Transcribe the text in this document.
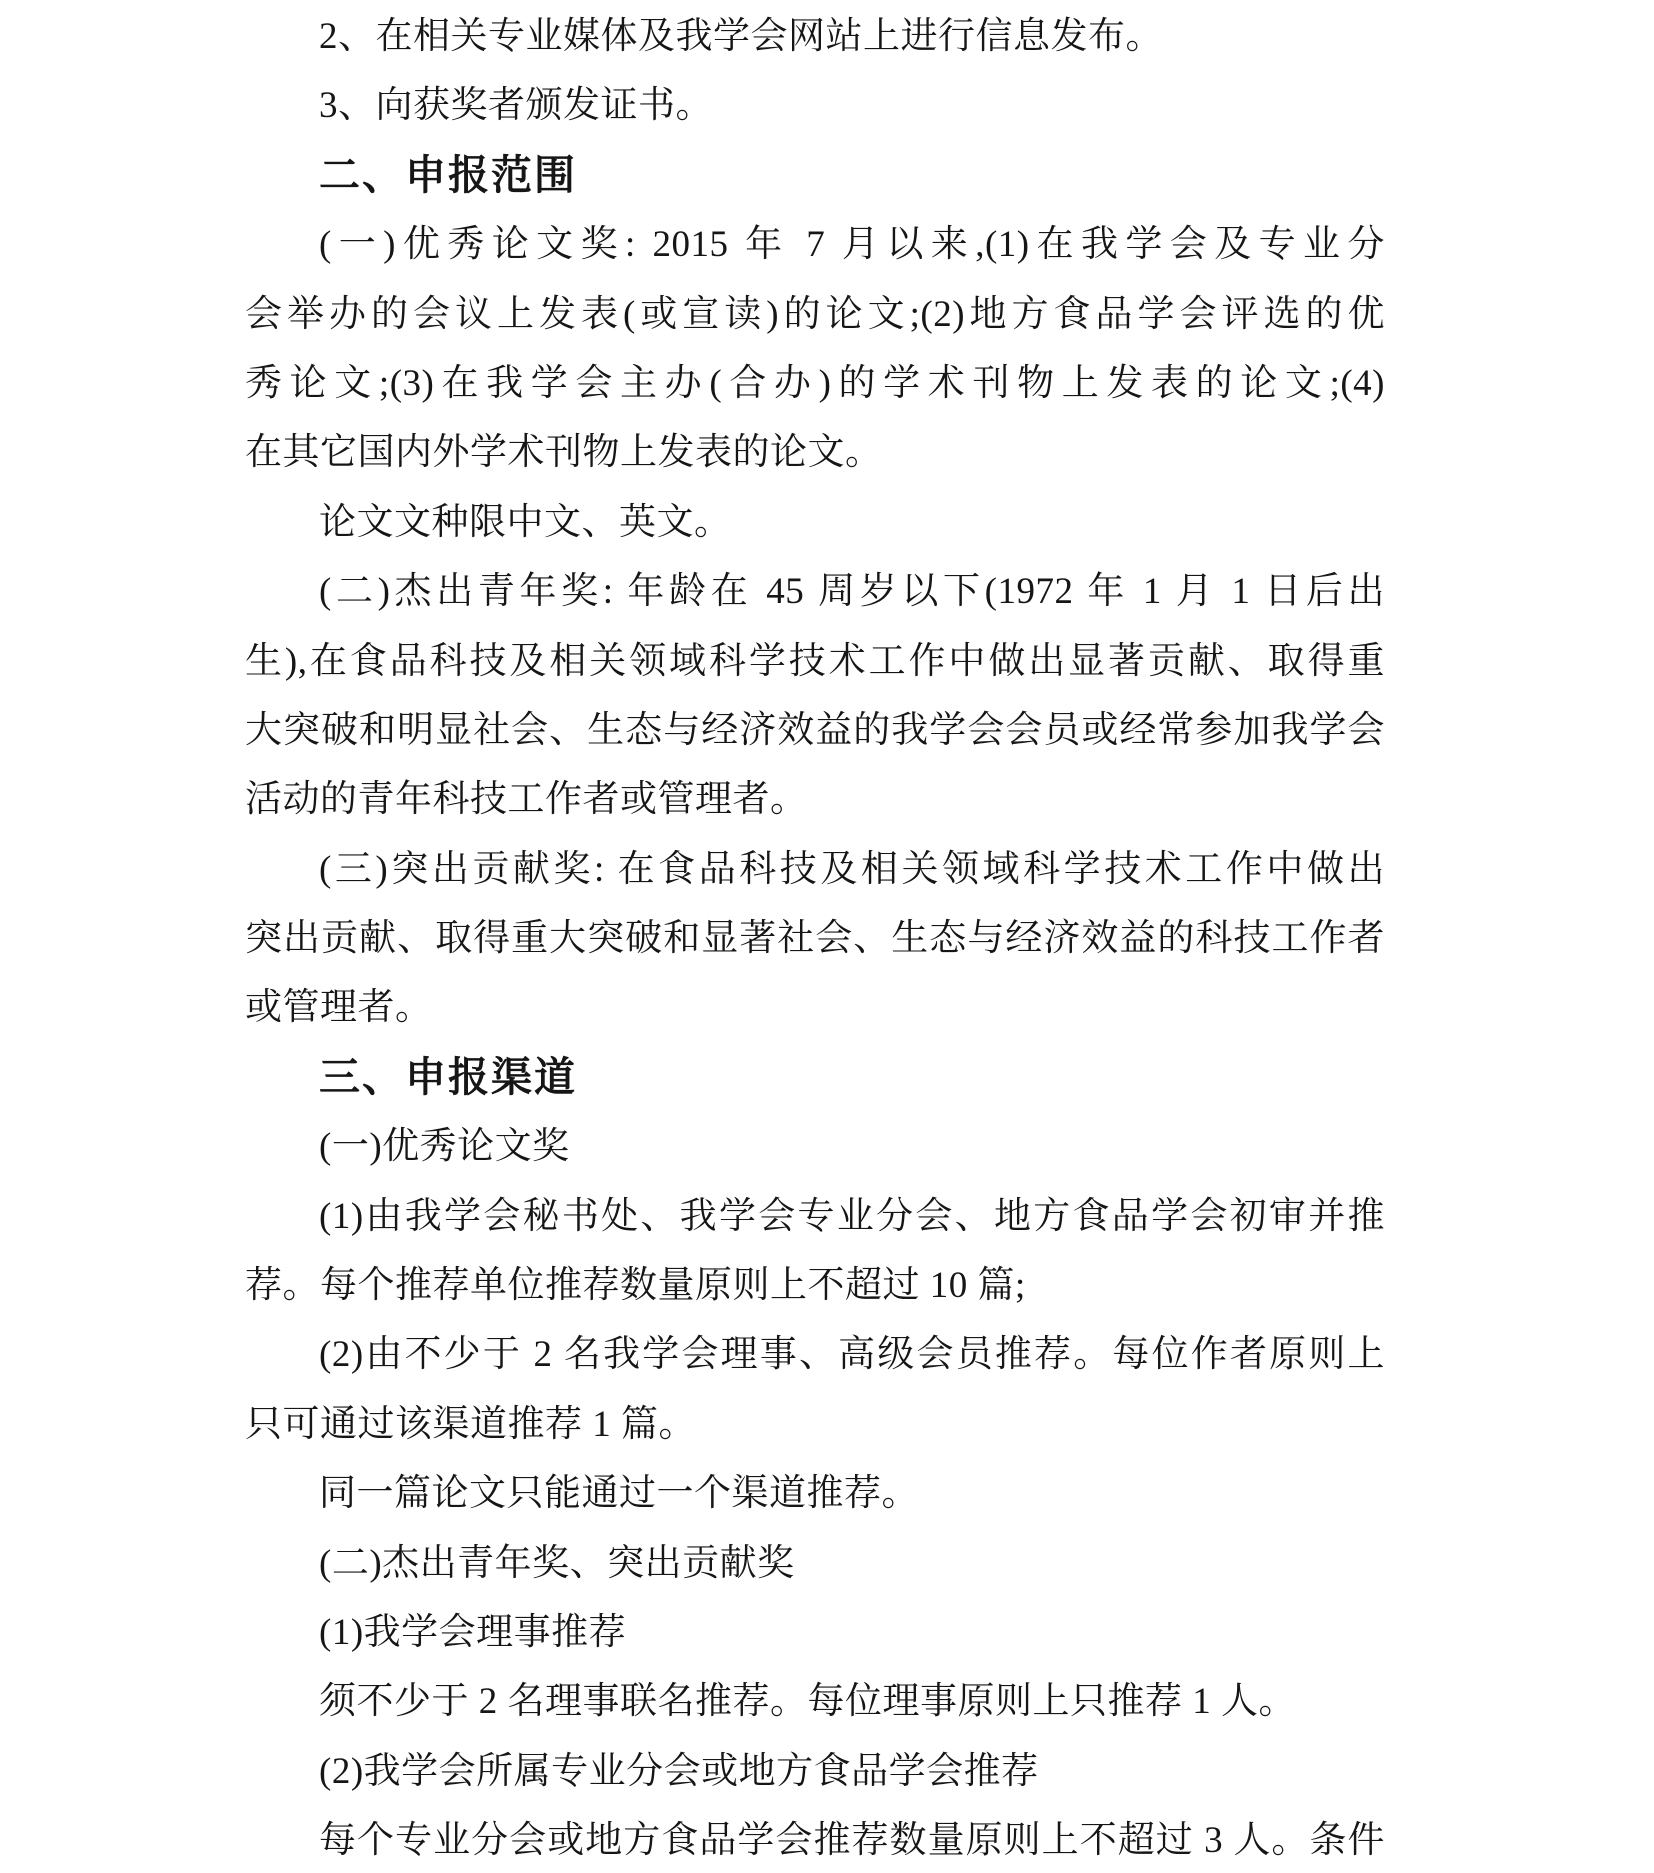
2、在相关专业媒体及我学会网站上进行信息发布。
3、向获奖者颁发证书。
二、申报范围
(一)优秀论文奖: 2015 年 7 月以来,(1)在我学会及专业分
会举办的会议上发表(或宣读)的论文;(2)地方食品学会评选的优
秀论文;(3)在我学会主办(合办)的学术刊物上发表的论文;(4)
在其它国内外学术刊物上发表的论文。
论文文种限中文、英文。
(二)杰出青年奖: 年龄在 45 周岁以下(1972 年 1 月 1 日后出
生),在食品科技及相关领域科学技术工作中做出显著贡献、取得重
大突破和明显社会、生态与经济效益的我学会会员或经常参加我学会
活动的青年科技工作者或管理者。
(三)突出贡献奖: 在食品科技及相关领域科学技术工作中做出
突出贡献、取得重大突破和显著社会、生态与经济效益的科技工作者
或管理者。
三、申报渠道
(一)优秀论文奖
(1)由我学会秘书处、我学会专业分会、地方食品学会初审并推
荐。每个推荐单位推荐数量原则上不超过 10 篇;
(2)由不少于 2 名我学会理事、高级会员推荐。每位作者原则上
只可通过该渠道推荐 1 篇。
同一篇论文只能通过一个渠道推荐。
(二)杰出青年奖、突出贡献奖
(1)我学会理事推荐
须不少于 2 名理事联名推荐。每位理事原则上只推荐 1 人。
(2)我学会所属专业分会或地方食品学会推荐
每个专业分会或地方食品学会推荐数量原则上不超过 3 人。条件
